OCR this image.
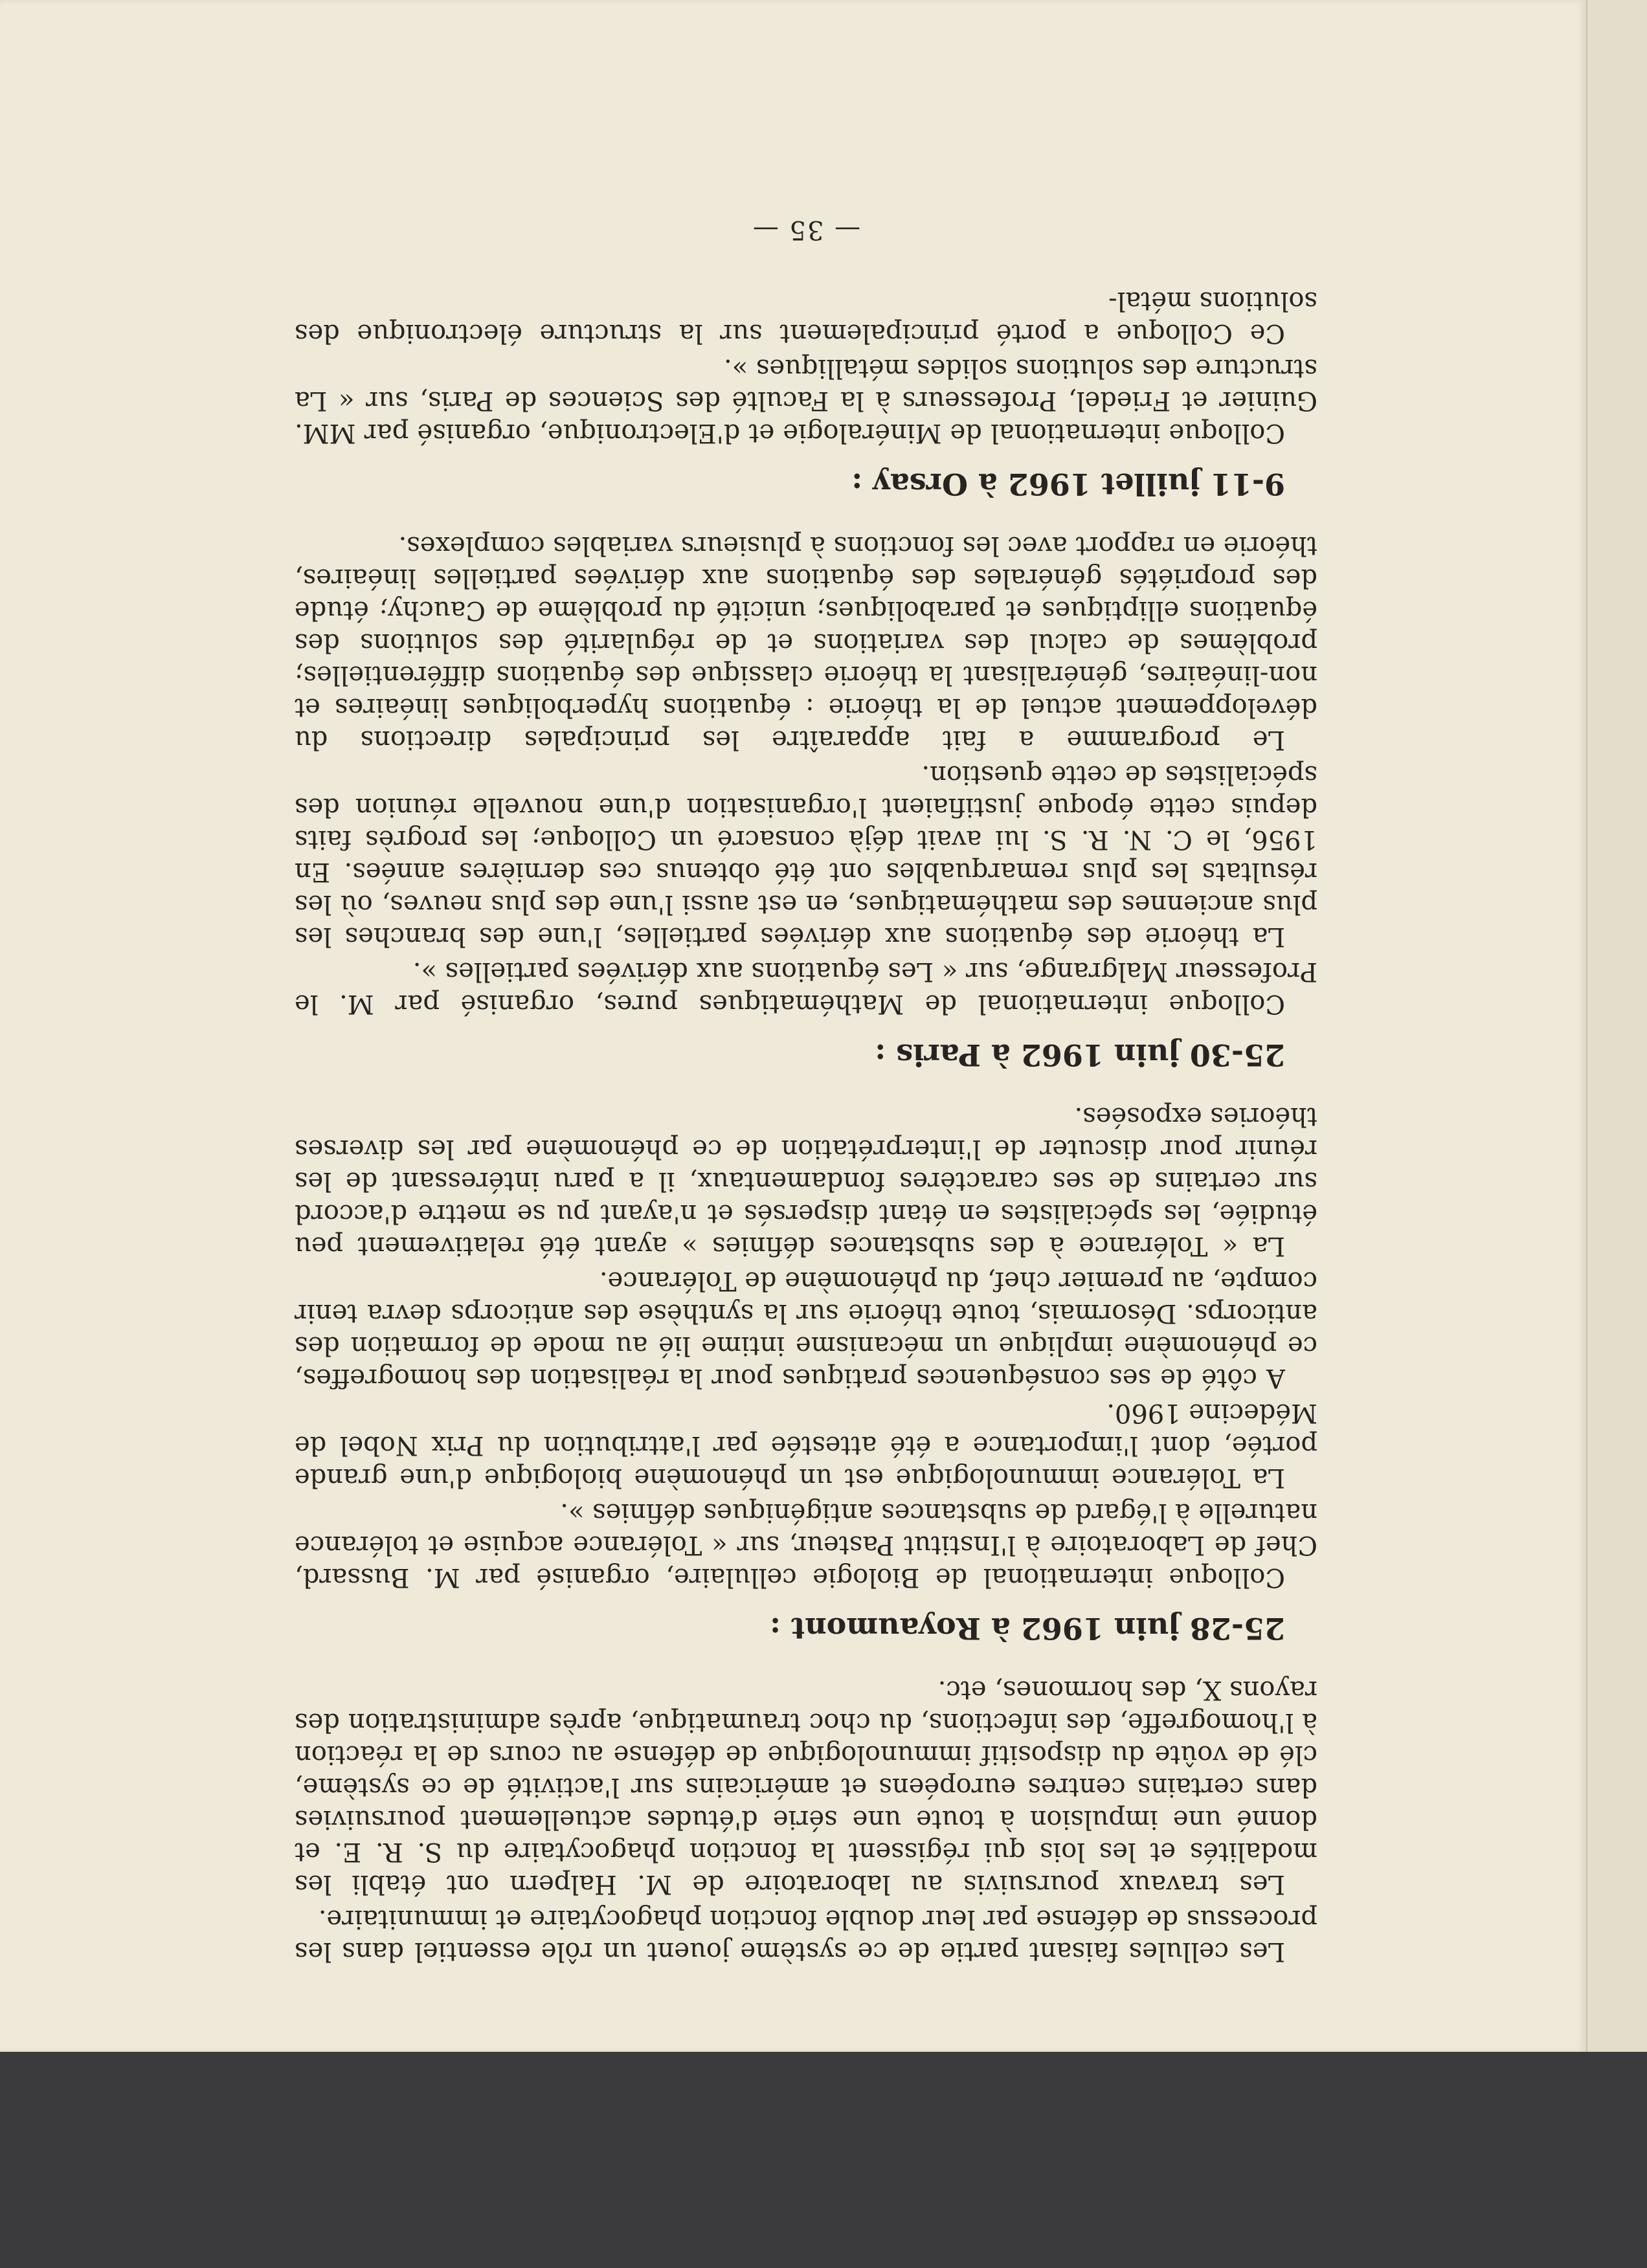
Les cellules faisant partie de ce système jouent un rôle essentiel dans les processus de défense par leur double fonction phagocytaire et immunitaire.

Les travaux poursuivis au laboratoire de M. Halpern ont établi les modalités et les lois qui régissent la fonction phagocytaire du S. R. E. et donné une impulsion à toute une série d'études actuellement poursuivies dans certains centres européens et américains sur l'activité de ce système, clé de voûte du dispositif immunologique de défense au cours de la réaction à l'homogreffe, des infections, du choc traumatique, après administration des rayons X, des hormones, etc.

25-28 juin 1962 à Royaumont :

Colloque international de Biologie cellulaire, organisé par M. Bussard, Chef de Laboratoire à l'Institut Pasteur, sur « Tolérance acquise et tolérance naturelle à l'égard de substances antigéniques définies ».

La Tolérance immunologique est un phénomène biologique d'une grande portée, dont l'importance a été attestée par l'attribution du Prix Nobel de Médecine 1960.

A côté de ses conséquences pratiques pour la réalisation des homogreffes, ce phénomène implique un mécanisme intime lié au mode de formation des anticorps. Désormais, toute théorie sur la synthèse des anticorps devra tenir compte, au premier chef, du phénomène de Tolérance.

La « Tolérance à des substances définies » ayant été relativement peu étudiée, les spécialistes en étant dispersés et n'ayant pu se mettre d'accord sur certains de ses caractères fondamentaux, il a paru intéressant de les réunir pour discuter de l'interprétation de ce phénomène par les diverses théories exposées.

25-30 juin 1962 à Paris :

Colloque international de Mathématiques pures, organisé par M. le Professeur Malgrange, sur « Les équations aux dérivées partielles ».

La théorie des équations aux dérivées partielles, l'une des branches les plus anciennes des mathématiques, en est aussi l'une des plus neuves, où les résultats les plus remarquables ont été obtenus ces dernières années. En 1956, le C. N. R. S. lui avait déjà consacré un Colloque; les progrès faits depuis cette époque justifiaient l'organisation d'une nouvelle réunion des spécialistes de cette question.

Le programme a fait apparaître les principales directions du développement actuel de la théorie : équations hyperboliques linéaires et non-linéaires, généralisant la théorie classique des équations différentielles; problèmes de calcul des variations et de régularité des solutions des équations elliptiques et paraboliques; unicité du problème de Cauchy; étude des propriétés générales des équations aux dérivées partielles linéaires, théorie en rapport avec les fonctions à plusieurs variables complexes.

9-11 juillet 1962 à Orsay :

Colloque international de Minéralogie et d'Electronique, organisé par MM. Guinier et Friedel, Professeurs à la Faculté des Sciences de Paris, sur « La structure des solutions solides métalliques ».

Ce Colloque a porté principalement sur la structure électronique des solutions métal-

— 35 —
